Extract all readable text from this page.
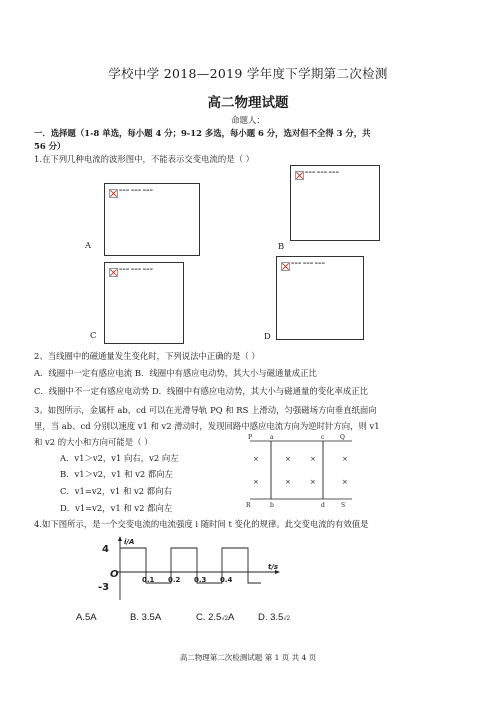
学校中学 2018—2019 学年度下学期第二次检测
高二物理试题
命题人：
一．选择题（1-8 单选，每小题 4 分；9-12 多选，每小题 6 分，选对但不全得 3 分，共
56 分）
1.在下列几种电流的波形图中，不能表示交变电流的是（ ）
▬▬▬ ▬▬▬ ▬▬▬
A
▬▬▬ ▬▬▬ ▬▬▬
B
▬▬▬ ▬▬▬ ▬▬▬
C
▬▬▬ ▬▬▬ ▬▬▬
D
2、当线圈中的磁通量发生变化时，下列说法中正确的是（ ）
A．线圈中一定有感应电流 B．线圈中有感应电动势，其大小与磁通量成正比
C．线圈中不一定有感应电动势 D．线圈中有感应电动势，其大小与磁通量的变化率成正比
3、如图所示，金属杆 ab，cd 可以在光滑导轨 PQ 和 RS 上滑动，匀强磁场方向垂直纸面向
里，当 ab、cd 分别以速度 v1 和 v2 滑动时，发现回路中感应电流方向为逆时针方向，则 v1
和 v2 的大小和方向可能是（ ）
A．v1＞v2，v1 向右，v2 向左
B．v1＞v2，v1 和 v2 都向左
C．v1=v2，v1 和 v2 都向右
D．v1=v2，v1 和 v2 都向左
×	×	×	×
×	×	×	×
P	a	c	Q
R	b	d	S
4.如下图所示，是一个交变电流的电流强度 i 随时间 t 变化的规律。此交变电流的有效值是
i/A
t/s
4
-3
O	0.1 0.2 0.3 0.4
A.5A	B. 3.5A	C. 2.5√2A D. 3.5√2
高二物理第二次检测试题 第 1 页 共 4 页
